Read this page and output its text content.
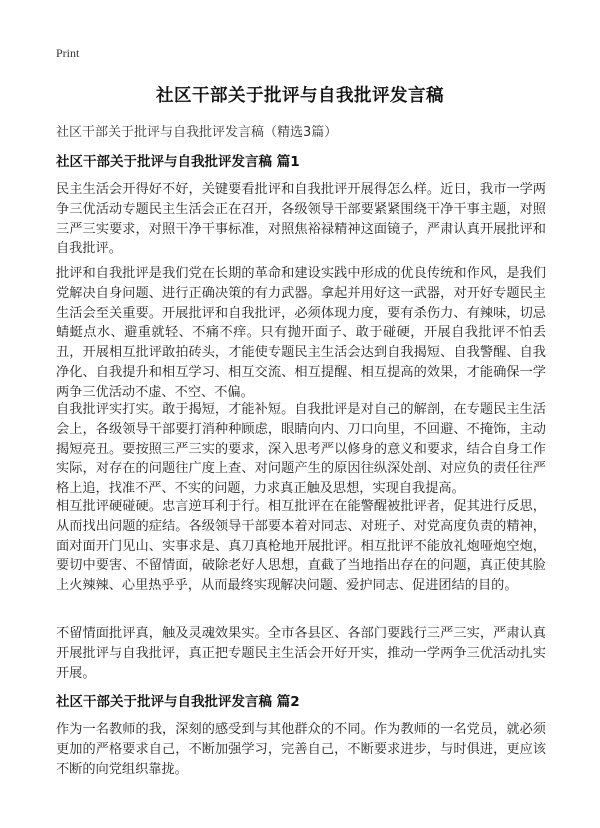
Print
社区干部关于批评与自我批评发言稿

社区干部关于批评与自我批评发言稿（精选3篇）

社区干部关于批评与自我批评发言稿 篇1

民主生活会开得好不好，关键要看批评和自我批评开展得怎么样。近日，我市一学两争三优活动专题民主生活会正在召开，各级领导干部要紧紧围绕干净干事主题，对照三严三实要求，对照干净干事标准，对照焦裕禄精神这面镜子，严肃认真开展批评和自我批评。

批评和自我批评是我们党在长期的革命和建设实践中形成的优良传统和作风，是我们党解决自身问题、进行正确决策的有力武器。拿起并用好这一武器，对开好专题民主生活会至关重要。开展批评和自我批评，必须体现力度，要有杀伤力、有辣味，切忌蜻蜓点水、避重就轻、不痛不痒。只有抛开面子、敢于碰硬，开展自我批评不怕丢丑，开展相互批评敢拍砖头，才能使专题民主生活会达到自我揭短、自我警醒、自我净化、自我提升和相互学习、相互交流、相互提醒、相互提高的效果，才能确保一学两争三优活动不虚、不空、不偏。

自我批评实打实。敢于揭短，才能补短。自我批评是对自己的解剖，在专题民主生活会上，各级领导干部要打消种种顾虑，眼睛向内、刀口向里，不回避、不掩饰，主动揭短亮丑。要按照三严三实的要求，深入思考严以修身的意义和要求，结合自身工作实际，对存在的问题往广度上查、对问题产生的原因往纵深处剖、对应负的责任往严格上追，找准不严、不实的问题，力求真正触及思想，实现自我提高。

相互批评硬碰硬。忠言逆耳利于行。相互批评在在能警醒被批评者，促其进行反思，从而找出问题的症结。各级领导干部要本着对同志、对班子、对党高度负责的精神，面对面开门见山、实事求是、真刀真枪地开展批评。相互批评不能放礼炮哑炮空炮，要切中要害、不留情面，破除老好人思想，直截了当地指出存在的问题，真正使其脸上火辣辣、心里热乎乎，从而最终实现解决问题、爱护同志、促进团结的目的。

不留情面批评真，触及灵魂效果实。全市各县区、各部门要践行三严三实，严肃认真开展批评与自我批评，真正把专题民主生活会开好开实，推动一学两争三优活动扎实开展。

社区干部关于批评与自我批评发言稿 篇2

作为一名教师的我，深刻的感受到与其他群众的不同。作为教师的一名党员，就必须更加的严格要求自己，不断加强学习，完善自己，不断要求进步，与时俱进，更应该不断的向党组织靠拢。
